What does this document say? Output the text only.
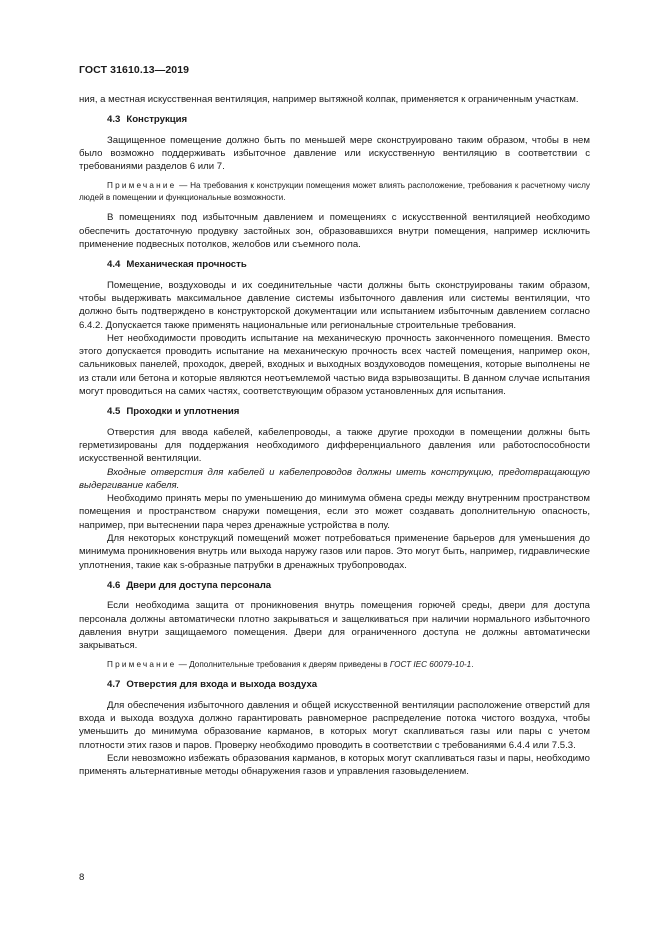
ГОСТ 31610.13—2019

ния, а местная искусственная вентиляция, например вытяжной колпак, применяется к ограниченным участкам.

4.3 Конструкция

Защищенное помещение должно быть по меньшей мере сконструировано таким образом, чтобы в нем было возможно поддерживать избыточное давление или искусственную вентиляцию в соответствии с требованиями разделов 6 или 7.

Примечание — На требования к конструкции помещения может влиять расположение, требования к расчетному числу людей в помещении и функциональные возможности.

В помещениях под избыточным давлением и помещениях с искусственной вентиляцией необходимо обеспечить достаточную продувку застойных зон, образовавшихся внутри помещения, например исключить применение подвесных потолков, желобов или съемного пола.

4.4 Механическая прочность

Помещение, воздуховоды и их соединительные части должны быть сконструированы таким образом, чтобы выдерживать максимальное давление системы избыточного давления или системы вентиляции, что должно быть подтверждено в конструкторской документации или испытанием избыточным давлением согласно 6.4.2. Допускается также применять национальные или региональные строительные требования.

Нет необходимости проводить испытание на механическую прочность законченного помещения. Вместо этого допускается проводить испытание на механическую прочность всех частей помещения, например окон, сальниковых панелей, проходок, дверей, входных и выходных воздуховодов помещения, которые выполнены не из стали или бетона и которые являются неотъемлемой частью вида взрывозащиты. В данном случае испытания могут проводиться на самих частях, соответствующим образом установленных для испытания.

4.5 Проходки и уплотнения

Отверстия для ввода кабелей, кабелепроводы, а также другие проходки в помещении должны быть герметизированы для поддержания необходимого дифференциального давления или работоспособности искусственной вентиляции.

Входные отверстия для кабелей и кабелепроводов должны иметь конструкцию, предотвращающую выдергивание кабеля.

Необходимо принять меры по уменьшению до минимума обмена среды между внутренним пространством помещения и пространством снаружи помещения, если это может создавать дополнительную опасность, например, при вытеснении пара через дренажные устройства в полу.

Для некоторых конструкций помещений может потребоваться применение барьеров для уменьшения до минимума проникновения внутрь или выхода наружу газов или паров. Это могут быть, например, гидравлические уплотнения, такие как s-образные патрубки в дренажных трубопроводах.

4.6 Двери для доступа персонала

Если необходима защита от проникновения внутрь помещения горючей среды, двери для доступа персонала должны автоматически плотно закрываться и защелкиваться при наличии нормального избыточного давления внутри защищаемого помещения. Двери для ограниченного доступа не должны автоматически закрываться.

Примечание — Дополнительные требования к дверям приведены в ГОСТ IEC 60079-10-1.

4.7 Отверстия для входа и выхода воздуха

Для обеспечения избыточного давления и общей искусственной вентиляции расположение отверстий для входа и выхода воздуха должно гарантировать равномерное распределение потока чистого воздуха, чтобы уменьшить до минимума образование карманов, в которых могут скапливаться газы или пары с учетом плотности этих газов и паров. Проверку необходимо проводить в соответствии с требованиями 6.4.4 или 7.5.3.

Если невозможно избежать образования карманов, в которых могут скапливаться газы и пары, необходимо применять альтернативные методы обнаружения газов и управления газовыделением.

8
